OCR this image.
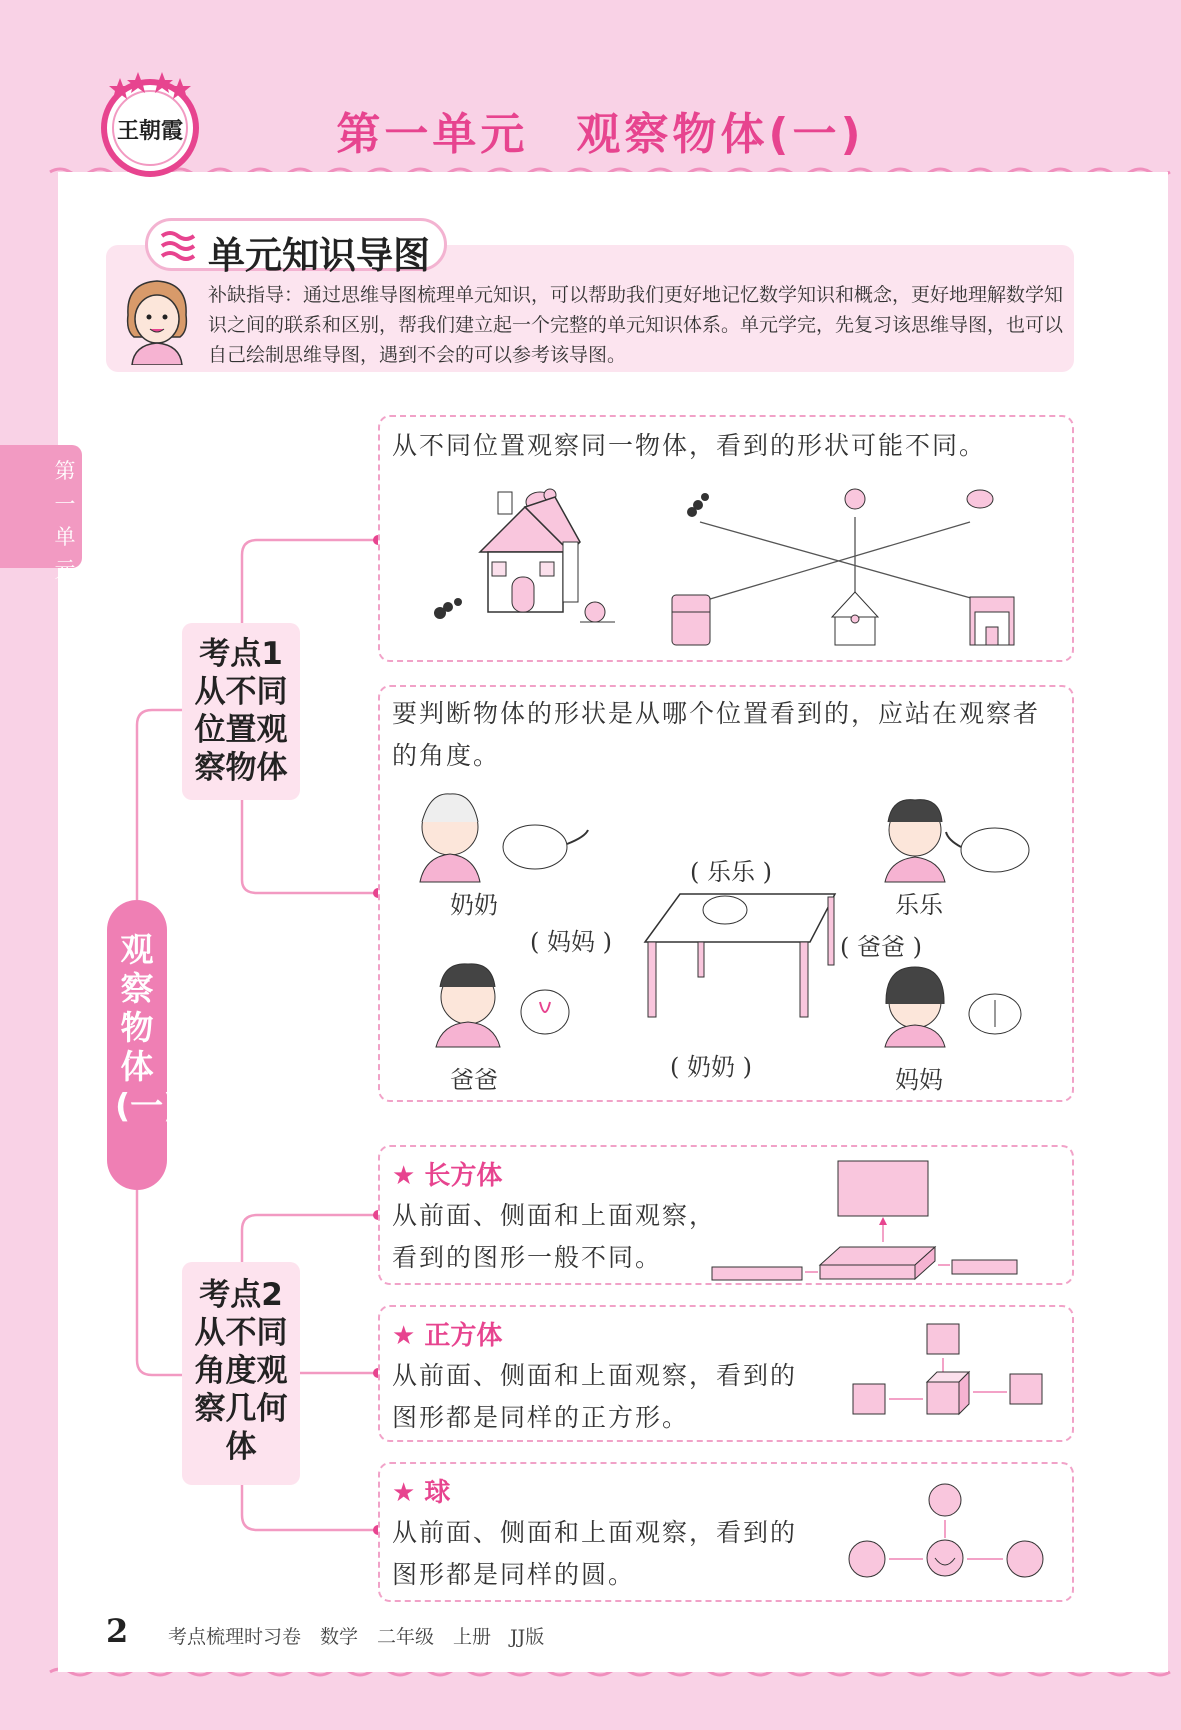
王朝霞	第一单元　观察物体(一)
第一单元
单元知识导图
补缺指导：通过思维导图梳理单元知识，可以帮助我们更好地记忆数学知识和概念，更好地理解数学知识之间的联系和区别，帮我们建立起一个完整的单元知识体系。单元学完，先复习该思维导图，也可以自己绘制思维导图，遇到不会的可以参考该导图。
观察物体(一)
考点1
从不同位置观察物体
考点2
从不同角度观察几何体
从不同位置观察同一物体，看到的形状可能不同。
要判断物体的形状是从哪个位置看到的，应站在观察者的角度。
奶奶	乐乐
爸爸	妈妈
( 乐乐 )
( 妈妈 )	( 爸爸 )
( 奶奶 )
★ 长方体
从前面、侧面和上面观察，
看到的图形一般不同。
★ 正方体
从前面、侧面和上面观察，看到的
图形都是同样的正方形。
★ 球
从前面、侧面和上面观察，看到的
图形都是同样的圆。
2 考点梳理时习卷　数学　二年级　上册　JJ版
